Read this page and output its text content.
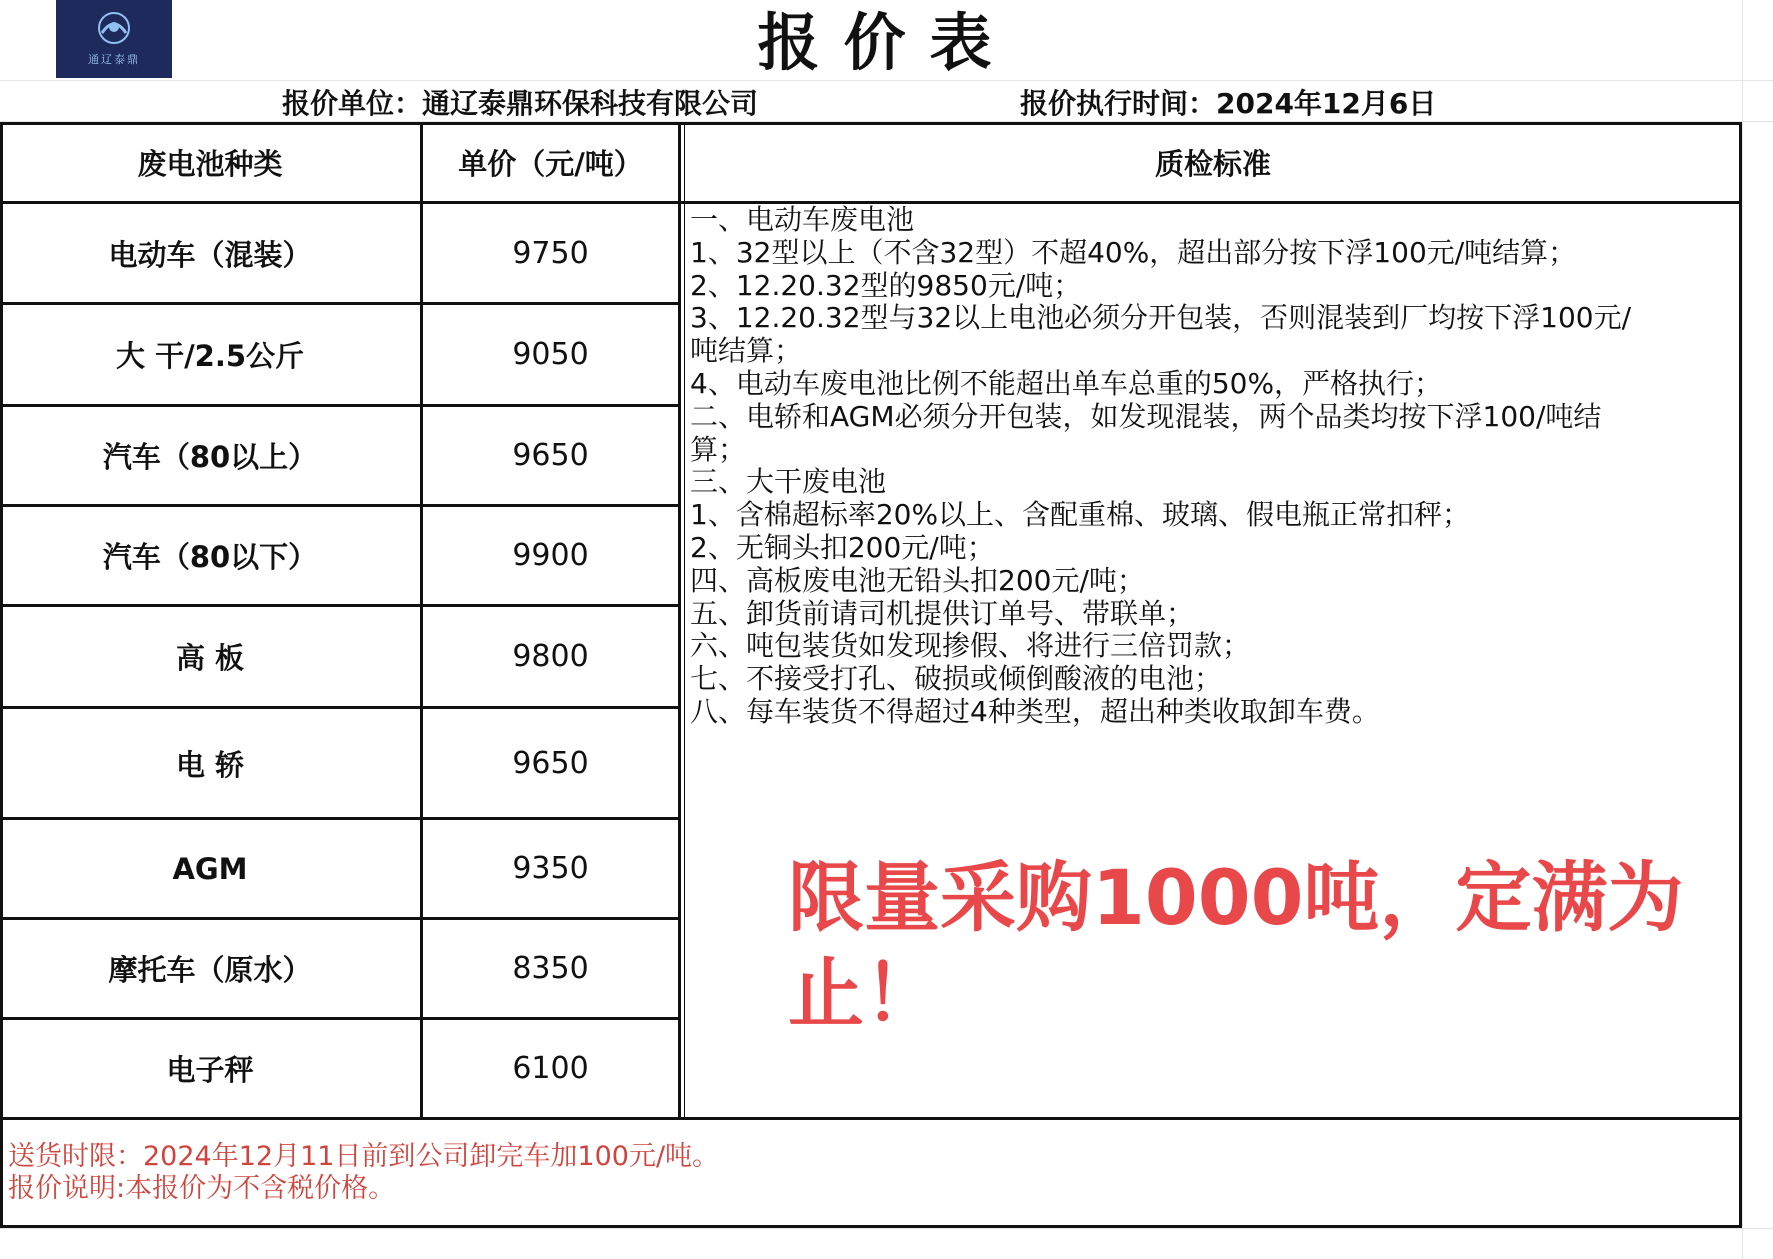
通辽泰鼎	报价表
报价单位：通辽泰鼎环保科技有限公司	报价执行时间：2024年12月6日
废电池种类	单价（元/吨）	质检标准
电动车（混装）	9750
大 干/2.5公斤	9050
汽车（80以上）	9650
汽车（80以下）	9900
高 板	9800
电 轿	9650
AGM	9350
摩托车（原水）	8350
电子秤	6100
一、电动车废电池
1、32型以上（不含32型）不超40%，超出部分按下浮100元/吨结算；
2、12.20.32型的9850元/吨；
3、12.20.32型与32以上电池必须分开包装，否则混装到厂均按下浮100元/
吨结算；
4、电动车废电池比例不能超出单车总重的50%，严格执行；
二、电轿和AGM必须分开包装，如发现混装，两个品类均按下浮100/吨结
算；
三、大干废电池
1、含棉超标率20%以上、含配重棉、玻璃、假电瓶正常扣秤；
2、无铜头扣200元/吨；
四、高板废电池无铅头扣200元/吨；
五、卸货前请司机提供订单号、带联单；
六、吨包装货如发现掺假、将进行三倍罚款；
七、不接受打孔、破损或倾倒酸液的电池；
八、每车装货不得超过4种类型，超出种类收取卸车费。
限量采购1000吨，定满为
止！
送货时限：2024年12月11日前到公司卸完车加100元/吨。
报价说明:本报价为不含税价格。
